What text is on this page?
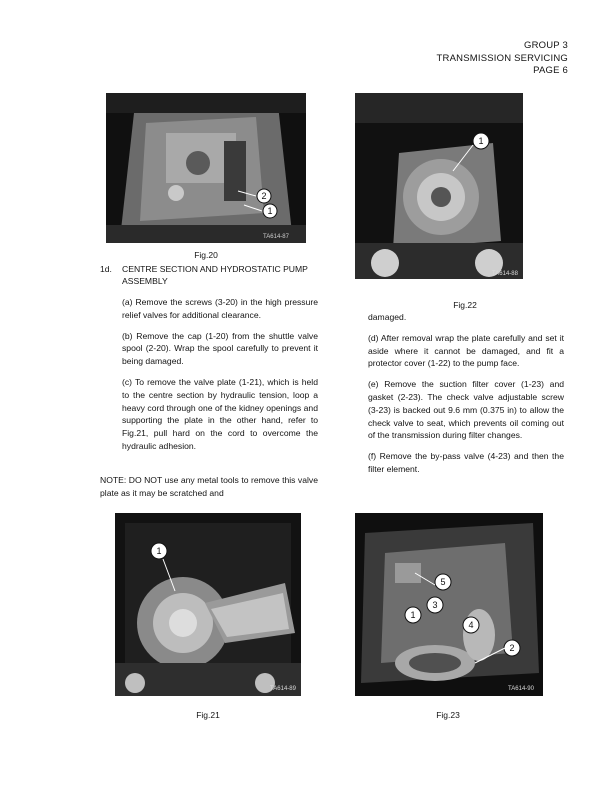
GROUP 3
TRANSMISSION SERVICING
PAGE 6
2
1
TA614-87
Fig.20
1
TA614-88
Fig.22
1d. CENTRE SECTION AND HYDROSTATIC PUMP
ASSEMBLY

(a) Remove the screws (3-20) in the high pressure relief valves for additional clearance.

(b) Remove the cap (1-20) from the shuttle valve spool (2-20). Wrap the spool carefully to prevent it being damaged.

(c) To remove the valve plate (1-21), which is held to the centre section by hydraulic tension, loop a heavy cord through one of the kidney openings and supporting the plate in the other hand, refer to Fig.21, pull hard on the cord to overcome the hydraulic adhesion.

NOTE: DO NOT use any metal tools to remove this valve plate as it may be scratched and

damaged.

(d) After removal wrap the plate carefully and set it aside where it cannot be damaged, and fit a protector cover (1-22) to the pump face.

(e) Remove the suction filter cover (1-23) and gasket (2-23). The check valve adjustable screw (3-23) is backed out 9.6 mm (0.375 in) to allow the check valve to seat, which prevents oil coming out of the transmission during filter changes.

(f) Remove the by-pass valve (4-23) and then the filter element.

1
TA614-89
Fig.21
1
2
3
4
5
TA614-90
Fig.23
